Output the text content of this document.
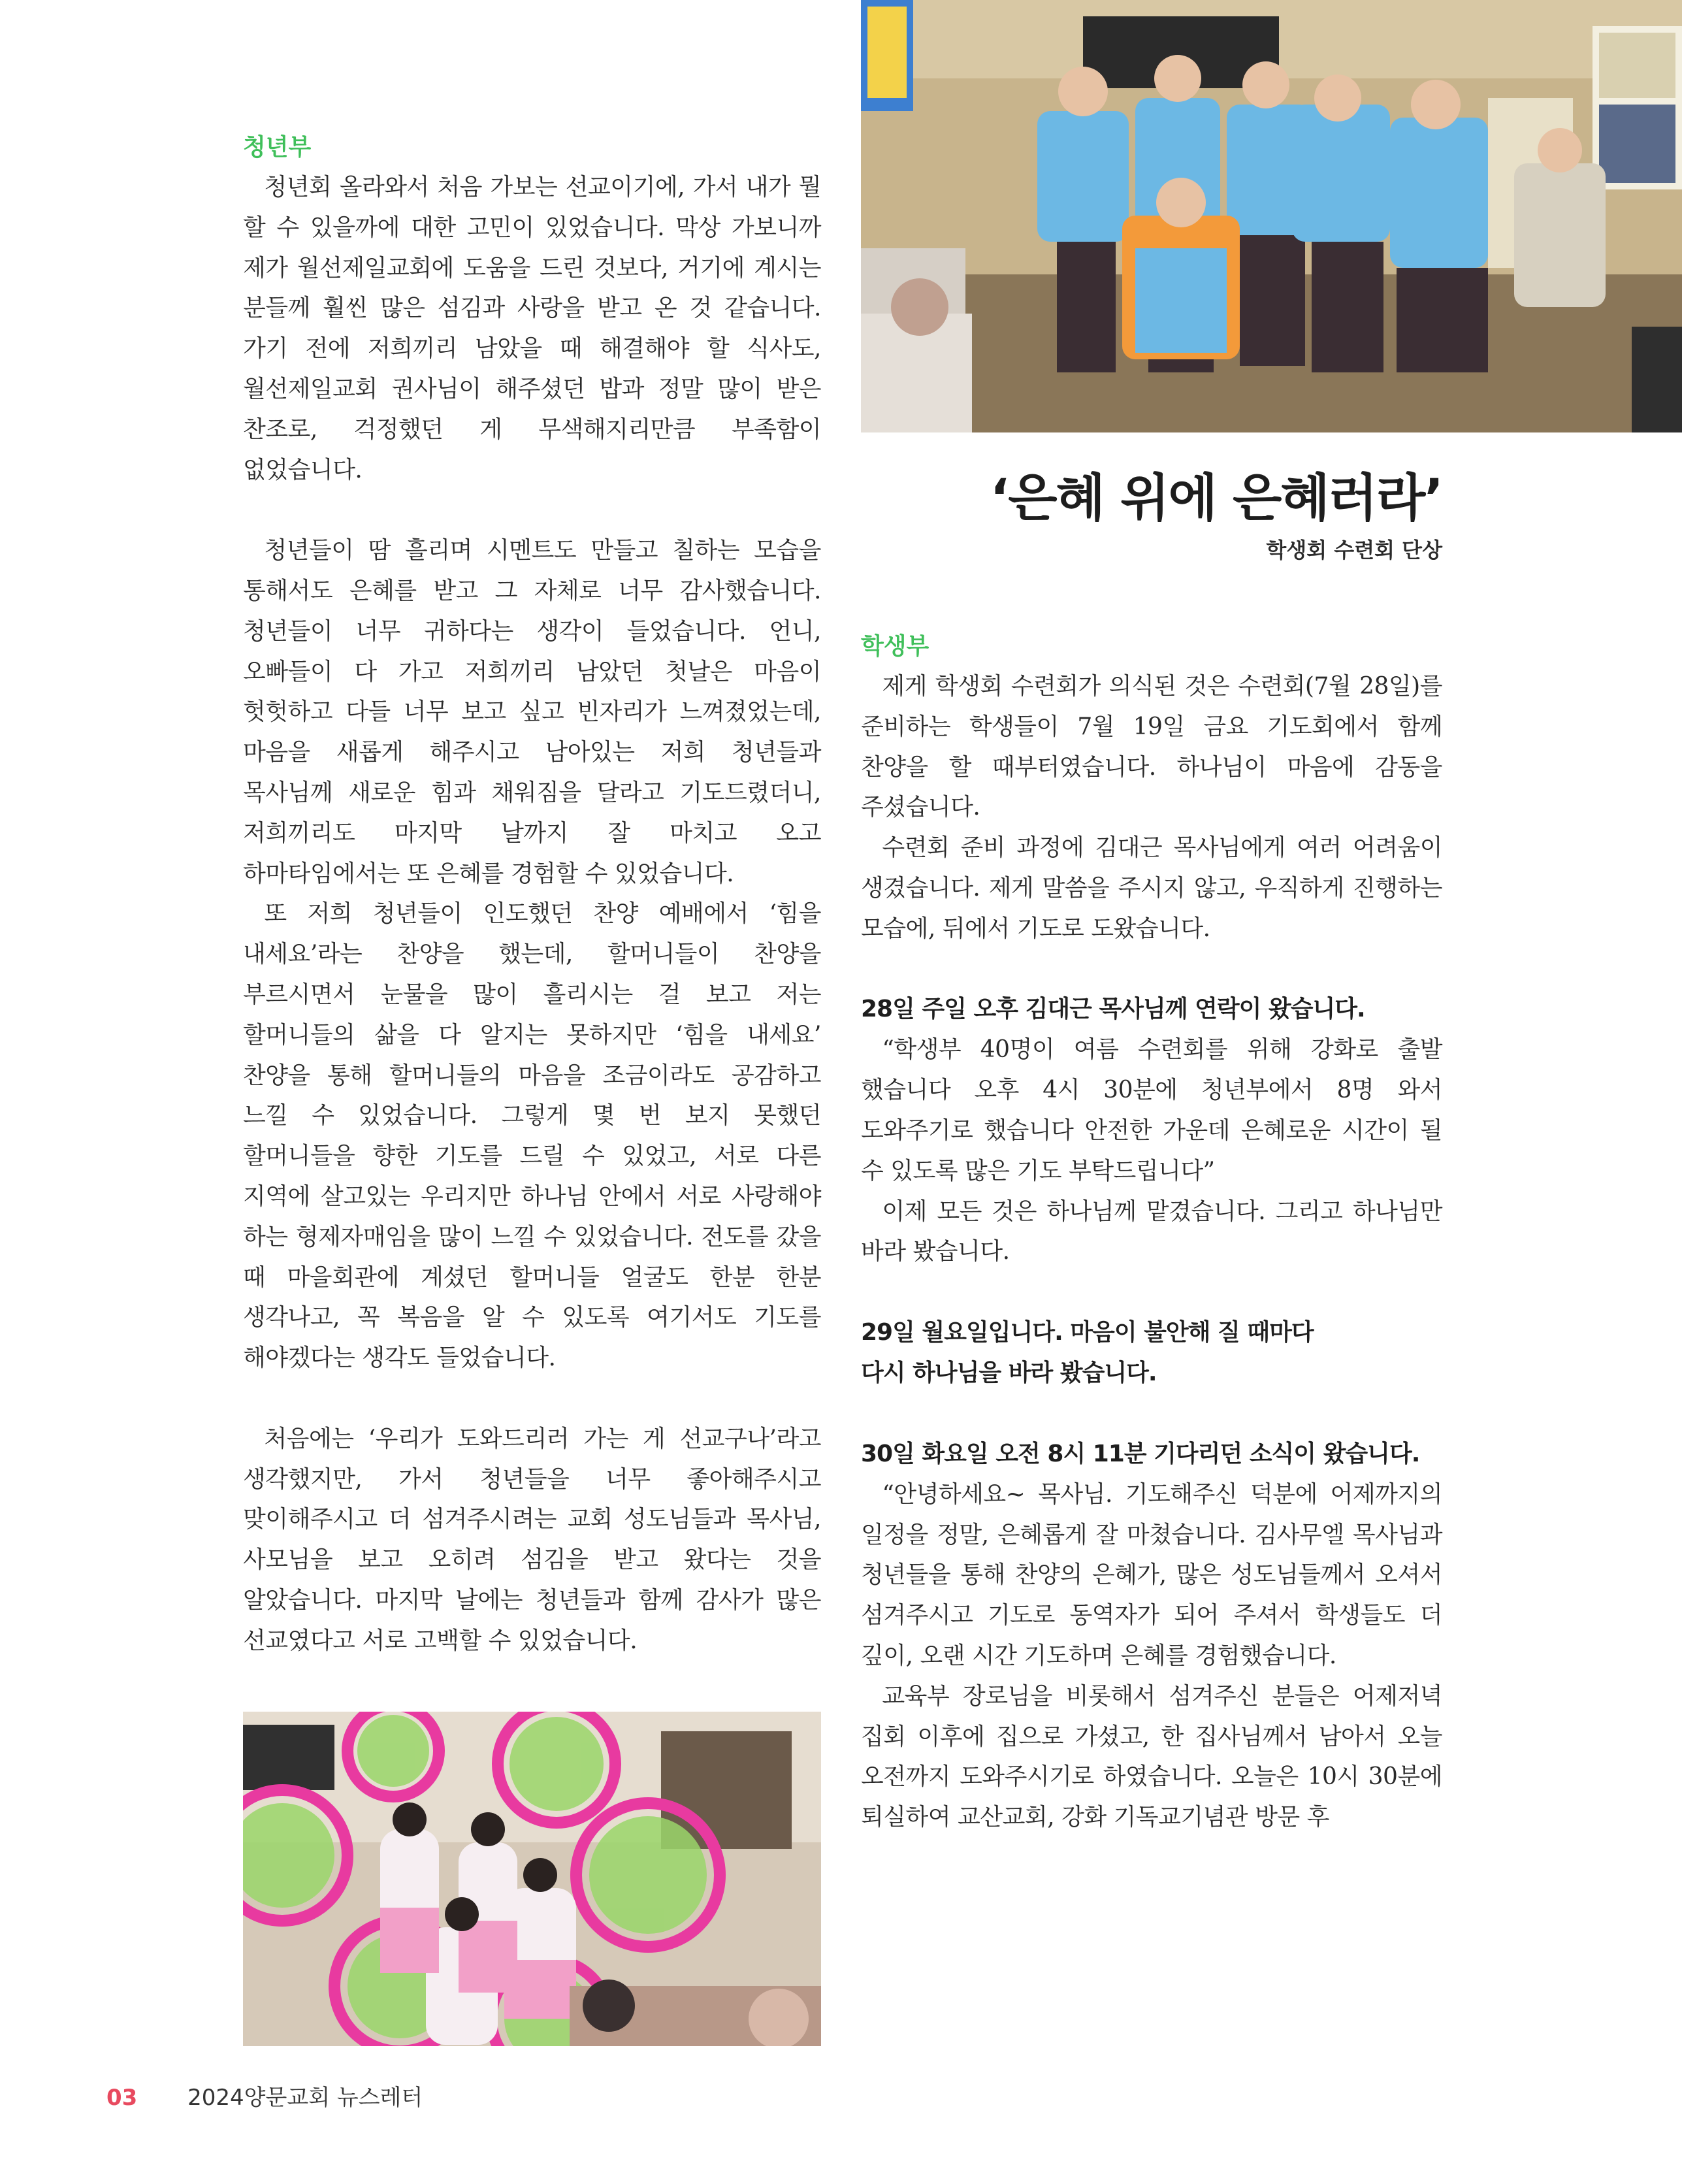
‘은혜 위에 은혜러라’

학생회 수련회 단상

청년부

청년회 올라와서 처음 가보는 선교이기에, 가서 내가 뭘 할 수 있을까에 대한 고민이 있었습니다. 막상 가보니까 제가 월선제일교회에 도움을 드린 것보다, 거기에 계시는 분들께 훨씬 많은 섬김과 사랑을 받고 온 것 같습니다. 가기 전에 저희끼리 남았을 때 해결해야 할 식사도, 월선제일교회 권사님이 해주셨던 밥과 정말 많이 받은 찬조로, 걱정했던 게 무색해지리만큼 부족함이 없었습니다.

청년들이 땀 흘리며 시멘트도 만들고 칠하는 모습을 통해서도 은혜를 받고 그 자체로 너무 감사했습니다. 청년들이 너무 귀하다는 생각이 들었습니다. 언니, 오빠들이 다 가고 저희끼리 남았던 첫날은 마음이 헛헛하고 다들 너무 보고 싶고 빈자리가 느껴졌었는데, 마음을 새롭게 해주시고 남아있는 저희 청년들과 목사님께 새로운 힘과 채워짐을 달라고 기도드렸더니, 저희끼리도 마지막 날까지 잘 마치고 오고 하마타임에서는 또 은혜를 경험할 수 있었습니다.

또 저희 청년들이 인도했던 찬양 예배에서 ‘힘을 내세요’라는 찬양을 했는데, 할머니들이 찬양을 부르시면서 눈물을 많이 흘리시는 걸 보고 저는 할머니들의 삶을 다 알지는 못하지만 ‘힘을 내세요’ 찬양을 통해 할머니들의 마음을 조금이라도 공감하고 느낄 수 있었습니다. 그렇게 몇 번 보지 못했던 할머니들을 향한 기도를 드릴 수 있었고, 서로 다른 지역에 살고있는 우리지만 하나님 안에서 서로 사랑해야 하는 형제자매임을 많이 느낄 수 있었습니다. 전도를 갔을 때 마을회관에 계셨던 할머니들 얼굴도 한분 한분 생각나고, 꼭 복음을 알 수 있도록 여기서도 기도를 해야겠다는 생각도 들었습니다.

처음에는 ‘우리가 도와드리러 가는 게 선교구나’라고 생각했지만, 가서 청년들을 너무 좋아해주시고 맞이해주시고 더 섬겨주시려는 교회 성도님들과 목사님, 사모님을 보고 오히려 섬김을 받고 왔다는 것을 알았습니다. 마지막 날에는 청년들과 함께 감사가 많은 선교였다고 서로 고백할 수 있었습니다.

학생부

제게 학생회 수련회가 의식된 것은 수련회(7월 28일)를 준비하는 학생들이 7월 19일 금요 기도회에서 함께 찬양을 할 때부터였습니다. 하나님이 마음에 감동을 주셨습니다.

수련회 준비 과정에 김대근 목사님에게 여러 어려움이 생겼습니다. 제게 말씀을 주시지 않고, 우직하게 진행하는 모습에, 뒤에서 기도로 도왔습니다.

28일 주일 오후 김대근 목사님께 연락이 왔습니다.

“학생부 40명이 여름 수련회를 위해 강화로 출발 했습니다 오후 4시 30분에 청년부에서 8명 와서 도와주기로 했습니다 안전한 가운데 은혜로운 시간이 될 수 있도록 많은 기도 부탁드립니다”

이제 모든 것은 하나님께 맡겼습니다. 그리고 하나님만 바라 봤습니다.

29일 월요일입니다. 마음이 불안해 질 때마다

다시 하나님을 바라 봤습니다.

30일 화요일 오전 8시 11분 기다리던 소식이 왔습니다.

“안녕하세요~ 목사님. 기도해주신 덕분에 어제까지의 일정을 정말, 은혜롭게 잘 마쳤습니다. 김사무엘 목사님과 청년들을 통해 찬양의 은혜가, 많은 성도님들께서 오셔서 섬겨주시고 기도로 동역자가 되어 주셔서 학생들도 더 깊이, 오랜 시간 기도하며 은혜를 경험했습니다.

교육부 장로님을 비롯해서 섬겨주신 분들은 어제저녁 집회 이후에 집으로 가셨고, 한 집사님께서 남아서 오늘 오전까지 도와주시기로 하였습니다. 오늘은 10시 30분에 퇴실하여 교산교회, 강화 기독교기념관 방문 후

03 2024양문교회 뉴스레터
